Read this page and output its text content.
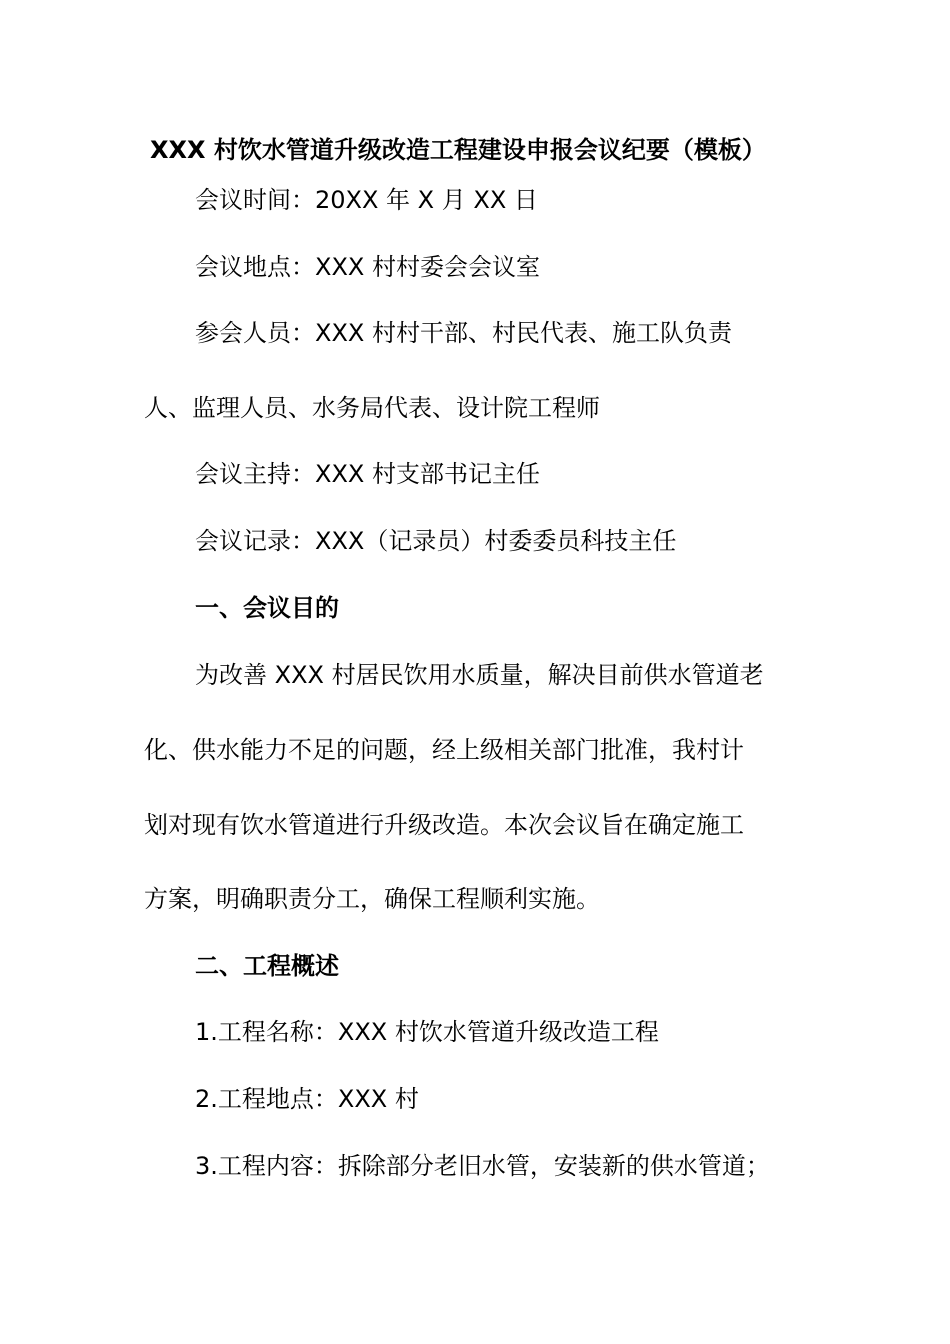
XXX 村饮水管道升级改造工程建设申报会议纪要（模板）
会议时间：20XX 年 X 月 XX 日
会议地点：XXX 村村委会会议室
参会人员：XXX 村村干部、村民代表、施工队负责
人、监理人员、水务局代表、设计院工程师
会议主持：XXX 村支部书记主任
会议记录：XXX（记录员）村委委员科技主任
一、会议目的
为改善 XXX 村居民饮用水质量，解决目前供水管道老
化、供水能力不足的问题，经上级相关部门批准，我村计
划对现有饮水管道进行升级改造。本次会议旨在确定施工
方案，明确职责分工，确保工程顺利实施。
二、工程概述
1.工程名称：XXX 村饮水管道升级改造工程
2.工程地点：XXX 村
3.工程内容：拆除部分老旧水管，安装新的供水管道；
